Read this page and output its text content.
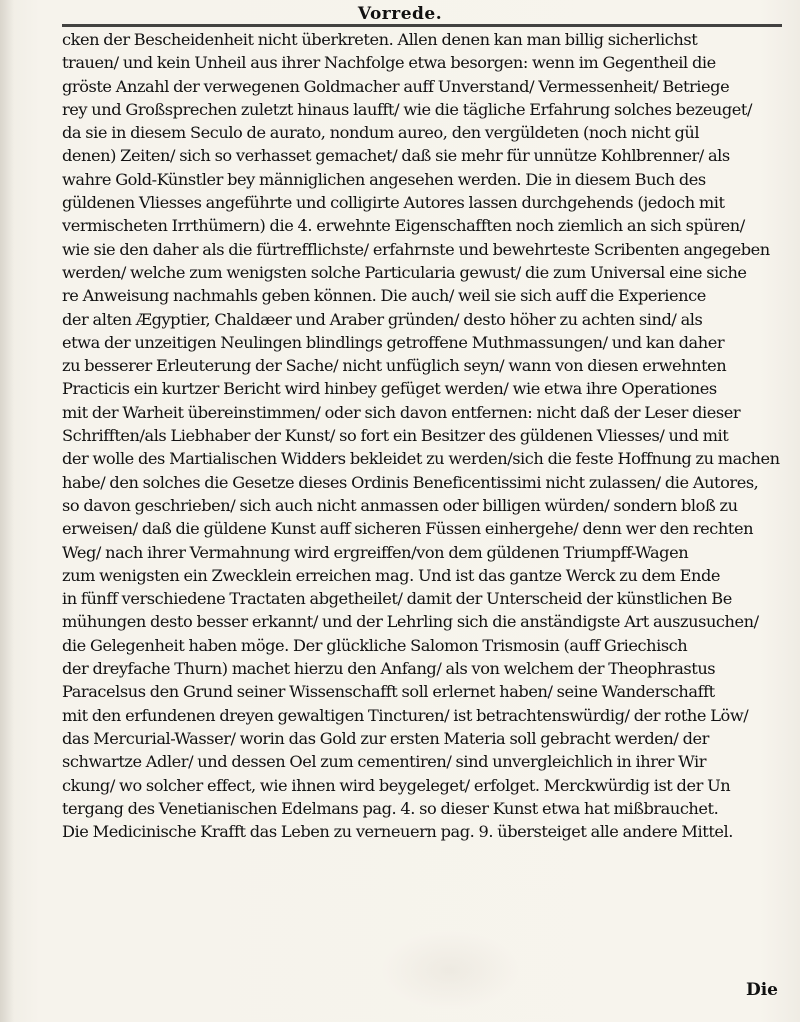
Vorrede.
cken der Bescheidenheit nicht überkreten. Allen denen kan man billig sicherlichst
trauen/ und kein Unheil aus ihrer Nachfolge etwa besorgen: wenn im Gegentheil die
gröste Anzahl der verwegenen Goldmacher auff Unverstand/ Vermessenheit/ Betriege
rey und Großsprechen zuletzt hinaus laufft/ wie die tägliche Erfahrung solches bezeuget/
da sie in diesem Seculo de aurato, nondum aureo, den vergüldeten (noch nicht gül
denen) Zeiten/ sich so verhasset gemachet/ daß sie mehr für unnütze Kohlbrenner/ als
wahre Gold-Künstler bey männiglichen angesehen werden. Die in diesem Buch des
güldenen Vliesses angeführte und colligirte Autores lassen durchgehends (jedoch mit
vermischeten Irrthümern) die 4. erwehnte Eigenschafften noch ziemlich an sich spüren/
wie sie den daher als die fürtrefflichste/ erfahrnste und bewehrteste Scribenten angegeben
werden/ welche zum wenigsten solche Particularia gewust/ die zum Universal eine siche
re Anweisung nachmahls geben können. Die auch/ weil sie sich auff die Experience
der alten Ægyptier, Chaldæer und Araber gründen/ desto höher zu achten sind/ als
etwa der unzeitigen Neulingen blindlings getroffene Muthmassungen/ und kan daher
zu besserer Erleuterung der Sache/ nicht unfüglich seyn/ wann von diesen erwehnten
Practicis ein kurtzer Bericht wird hinbey gefüget werden/ wie etwa ihre Operationes
mit der Warheit übereinstimmen/ oder sich davon entfernen: nicht daß der Leser dieser
Schrifften/als Liebhaber der Kunst/ so fort ein Besitzer des güldenen Vliesses/ und mit
der wolle des Martialischen Widders bekleidet zu werden/sich die feste Hoffnung zu machen
habe/ den solches die Gesetze dieses Ordinis Beneficentissimi nicht zulassen/ die Autores,
so davon geschrieben/ sich auch nicht anmassen oder billigen würden/ sondern bloß zu
erweisen/ daß die güldene Kunst auff sicheren Füssen einhergehe/ denn wer den rechten
Weg/ nach ihrer Vermahnung wird ergreiffen/von dem güldenen Triumpff-Wagen
zum wenigsten ein Zwecklein erreichen mag. Und ist das gantze Werck zu dem Ende
in fünff verschiedene Tractaten abgetheilet/ damit der Unterscheid der künstlichen Be
mühungen desto besser erkannt/ und der Lehrling sich die anständigste Art auszusuchen/
die Gelegenheit haben möge. Der glückliche Salomon Trismosin (auff Griechisch
der dreyfache Thurn) machet hierzu den Anfang/ als von welchem der Theophrastus
Paracelsus den Grund seiner Wissenschafft soll erlernet haben/ seine Wanderschafft
mit den erfundenen dreyen gewaltigen Tincturen/ ist betrachtenswürdig/ der rothe Löw/
das Mercurial-Wasser/ worin das Gold zur ersten Materia soll gebracht werden/ der
schwartze Adler/ und dessen Oel zum cementiren/ sind unvergleichlich in ihrer Wir
ckung/ wo solcher effect, wie ihnen wird beygeleget/ erfolget. Merckwürdig ist der Un
tergang des Venetianischen Edelmans pag. 4. so dieser Kunst etwa hat mißbrauchet.
Die Medicinische Krafft das Leben zu verneuern pag. 9. übersteiget alle andere Mittel.
Die
